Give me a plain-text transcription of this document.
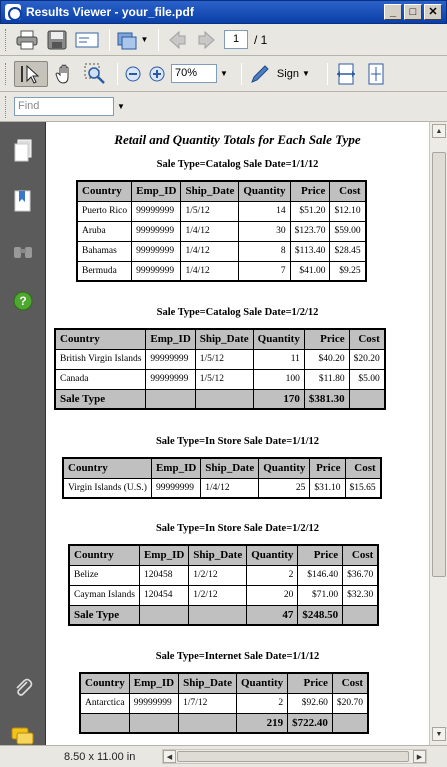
Results Viewer - your_file.pdf	_	□	✕
▼	1	/ 1
70%	▼	Sign ▼
Find	▼
?
Retail and Quantity Totals for Each Sale Type
Sale Type=Catalog Sale Date=1/1/12
Country	Emp_ID	Ship_Date	Quantity	Price	Cost
Puerto Rico	99999999	1/5/12	14	$51.20	$12.10
Aruba	99999999	1/4/12	30	$123.70	$59.00
Bahamas	99999999	1/4/12	8	$113.40	$28.45
Bermuda	99999999	1/4/12	7	$41.00	$9.25
Sale Type=Catalog Sale Date=1/2/12
Country	Emp_ID	Ship_Date	Quantity	Price	Cost
British Virgin Islands	99999999	1/5/12	11	$40.20	$20.20
Canada	99999999	1/5/12	100	$11.80	$5.00
Sale Type			170	$381.30	
Sale Type=In Store Sale Date=1/1/12
Country	Emp_ID	Ship_Date	Quantity	Price	Cost
Virgin Islands (U.S.)	99999999	1/4/12	25	$31.10	$15.65
Sale Type=In Store Sale Date=1/2/12
Country	Emp_ID	Ship_Date	Quantity	Price	Cost
Belize	120458	1/2/12	2	$146.40	$36.70
Cayman Islands	120454	1/2/12	20	$71.00	$32.30
Sale Type			47	$248.50	
Sale Type=Internet Sale Date=1/1/12
Country	Emp_ID	Ship_Date	Quantity	Price	Cost
Antarctica	99999999	1/7/12	2	$92.60	$20.70
			219	$722.40	
▲
▼
8.50 x 11.00 in	◀	▶
